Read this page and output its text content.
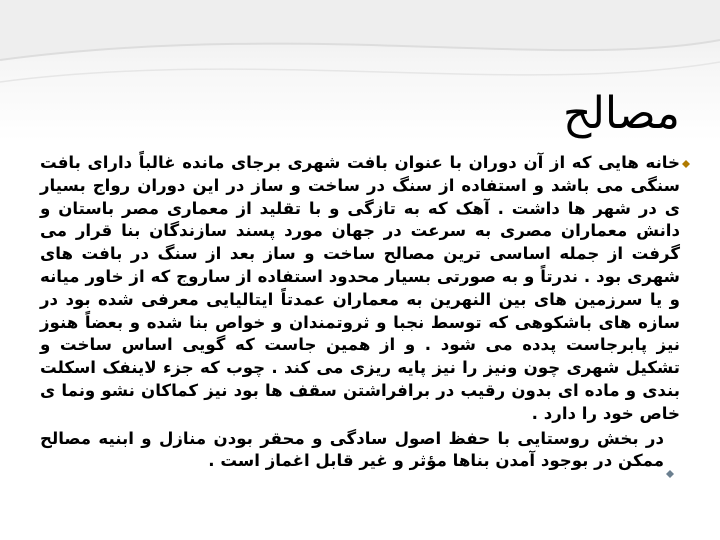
مصالح

خانه هایی که از آن دوران با عنوان بافت شهری برجای مانده غالباً دارای بافت سنگی می باشد و استفاده از سنگ در ساخت و ساز در این دوران رواج بسیار ی در شهر ها داشت . آهک که به تازگی و با تقلید از معماری مصر باستان و دانش معماران مصری به سرعت در جهان مورد پسند سازندگان بنا قرار می گرفت از جمله اساسی ترین مصالح ساخت و ساز بعد از سنگ در بافت های شهری بود . ندرتاً و به صورتی بسیار محدود استفاده از ساروج که از خاور میانه و یا سرزمین های بین النهرین به معماران عمدتاً ایتالیایی معرفی شده بود در سازه های باشکوهی که توسط نجبا و ثروتمندان و خواص بنا شده و بعضاً هنوز نیز پابرجاست پدده می شود . و از همین جاست که گویی اساس ساخت و تشکیل شهری چون ونیز را نیز پایه ریزی می کند . چوب که جزء لاینفک اسکلت بندی و ماده ای بدون رقیب در برافراشتن سقف ها بود نیز کماکان نشو ونما ی خاص خود را دارد .

در بخش روستایی با حفظ اصول سادگی و محقر بودن منازل و ابنیه مصالح ممکن در بوجود آمدن بناها مؤثر و غیر قابل اغماز است .
